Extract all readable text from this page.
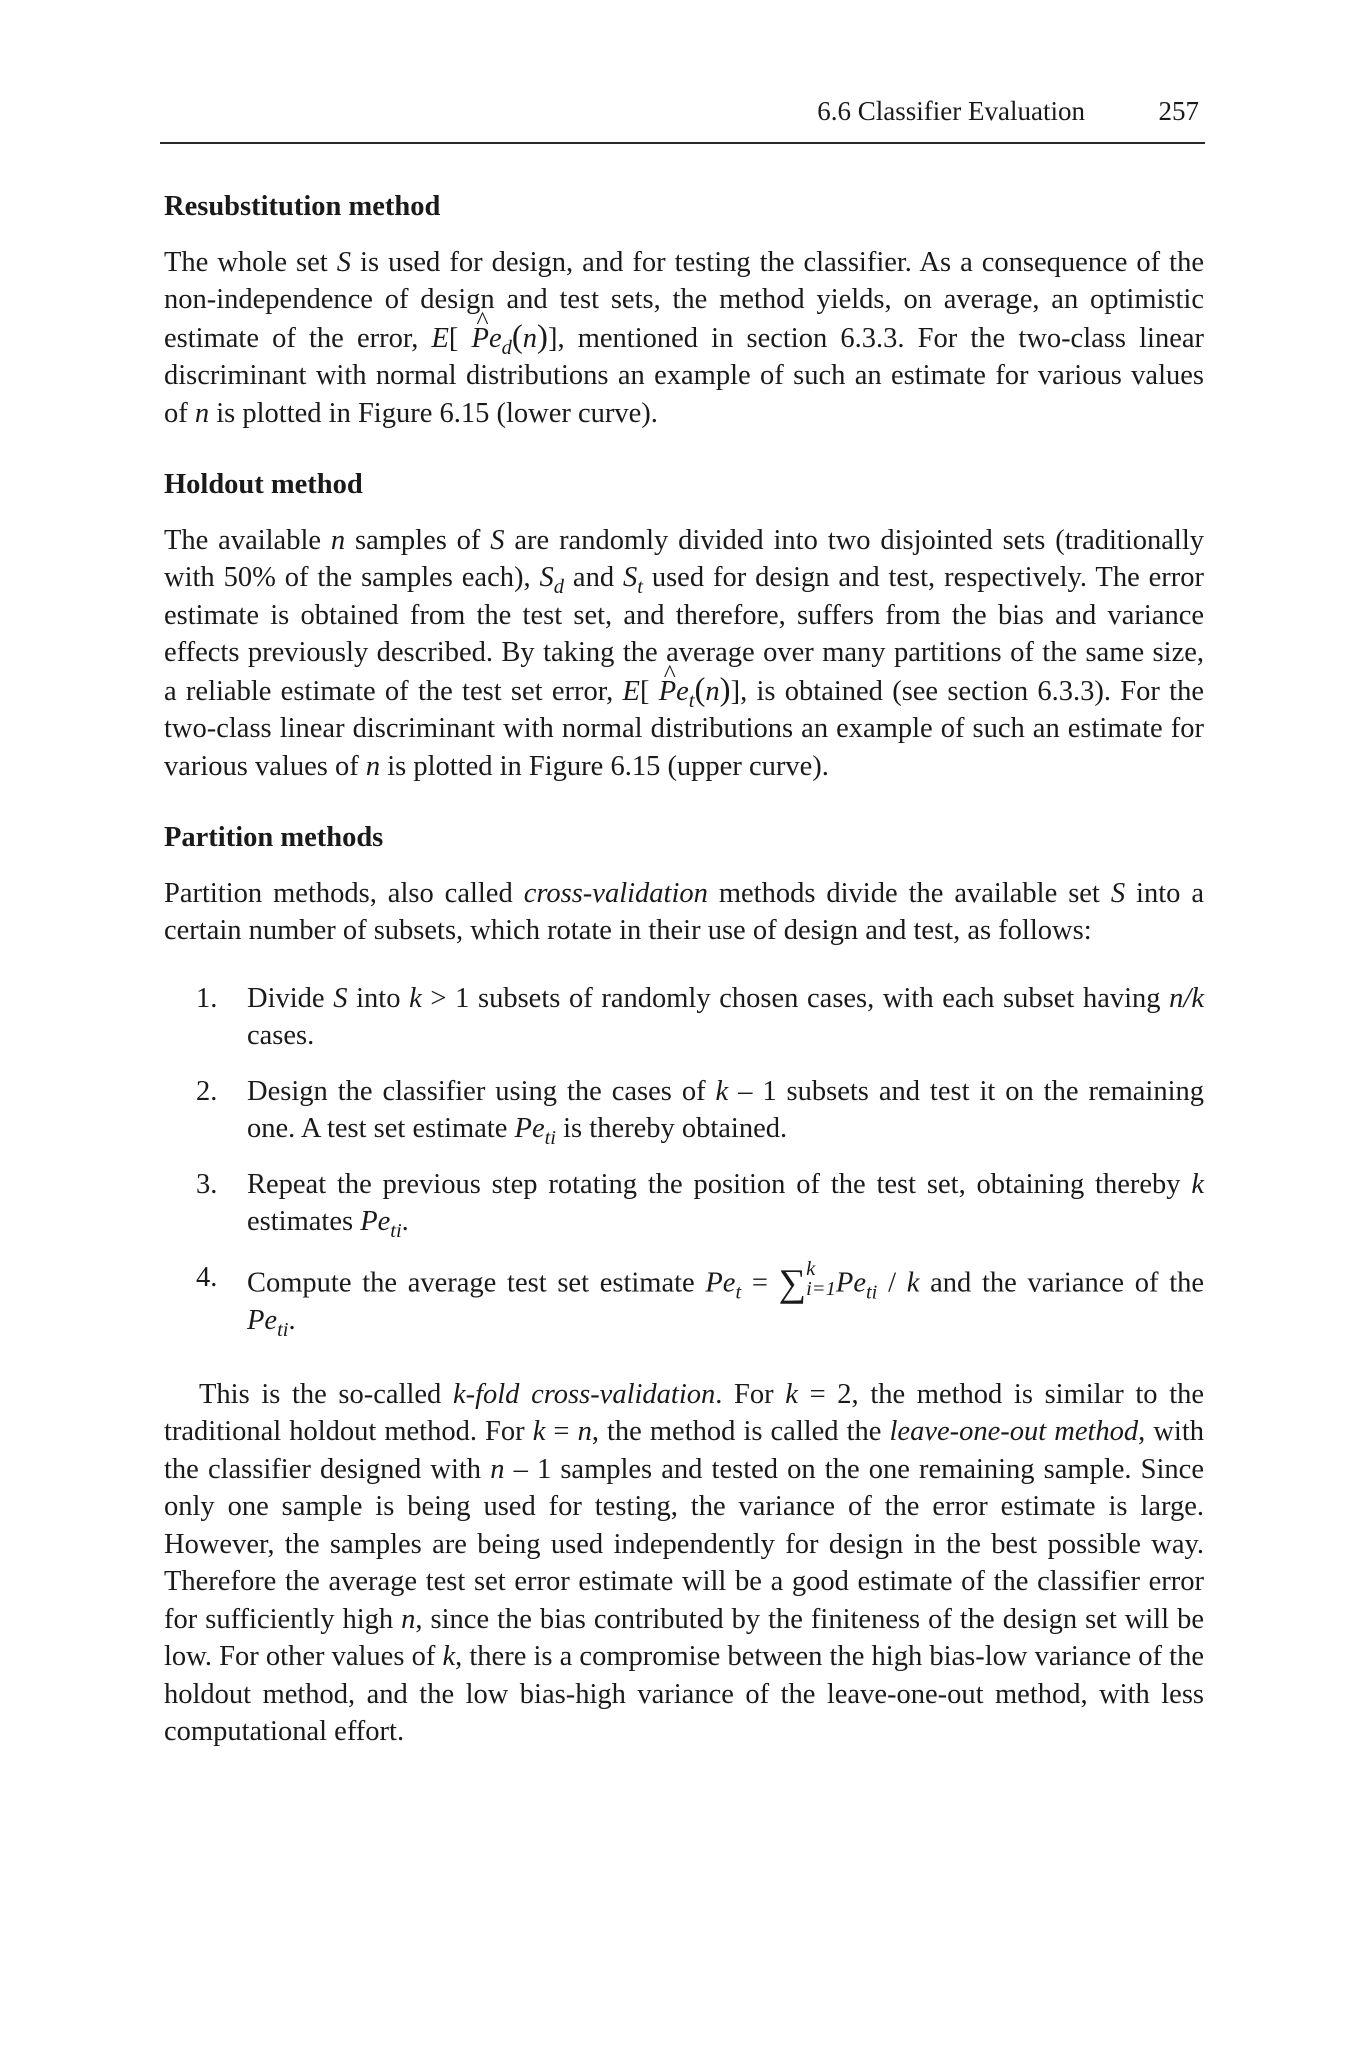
6.6 Classifier Evaluation	257
Resubstitution method

The whole set S is used for design, and for testing the classifier. As a consequence of the non-independence of design and test sets, the method yields, on average, an optimistic estimate of the error, E[ ^ $Pe_d(n)$], mentioned in section 6.3.3. For the two-class linear discriminant with normal distributions an example of such an estimate for various values of n is plotted in Figure 6.15 (lower curve).

Holdout method

The available n samples of S are randomly divided into two disjointed sets (traditionally with 50% of the samples each), $S_d$ and $S_t$ used for design and test, respectively. The error estimate is obtained from the test set, and therefore, suffers from the bias and variance effects previously described. By taking the average over many partitions of the same size, a reliable estimate of the test set error, E[ ^ $Pe_t(n)$], is obtained (see section 6.3.3). For the two-class linear discriminant with normal distributions an example of such an estimate for various values of n is plotted in Figure 6.15 (upper curve).

Partition methods

Partition methods, also called cross-validation methods divide the available set S into a certain number of subsets, which rotate in their use of design and test, as follows:

1. Divide S into k > 1 subsets of randomly chosen cases, with each subset having n/k cases.
2. Design the classifier using the cases of k – 1 subsets and test it on the remaining one. A test set estimate $Pe_{ti}$ is thereby obtained.
3. Repeat the previous step rotating the position of the test set, obtaining thereby k estimates $Pe_{ti}$.
4. Compute the average test set estimate $Pe_t = \sum k$
$i=1Pe_{ti} / k$ and the variance of the $Pe_{ti}$.

This is the so-called k-fold cross-validation. For k = 2, the method is similar to the traditional holdout method. For k = n, the method is called the leave-one-out method, with the classifier designed with n – 1 samples and tested on the one remaining sample. Since only one sample is being used for testing, the variance of the error estimate is large. However, the samples are being used independently for design in the best possible way. Therefore the average test set error estimate will be a good estimate of the classifier error for sufficiently high n, since the bias contributed by the finiteness of the design set will be low. For other values of k, there is a compromise between the high bias-low variance of the holdout method, and the low bias-high variance of the leave-one-out method, with less computational effort.
